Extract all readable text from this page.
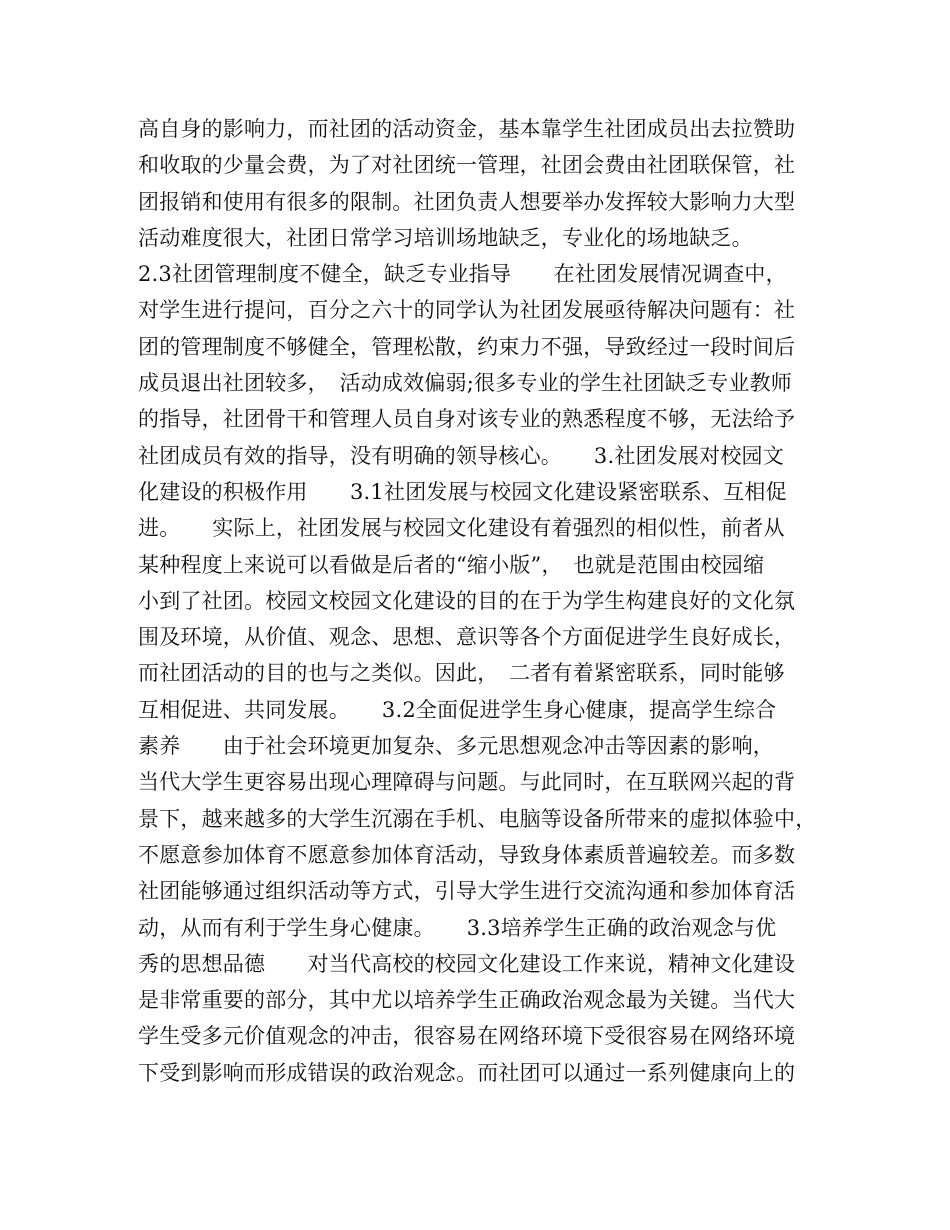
高自身的影响力，而社团的活动资金，基本靠学生社团成员出去拉赞助
和收取的少量会费，为了对社团统一管理，社团会费由社团联保管，社
团报销和使用有很多的限制。社团负责人想要举办发挥较大影响力大型
活动难度很大，社团日常学习培训场地缺乏，专业化的场地缺乏。
2.3社团管理制度不健全，缺乏专业指导　　在社团发展情况调查中，
对学生进行提问，百分之六十的同学认为社团发展亟待解决问题有：社
团的管理制度不够健全，管理松散，约束力不强，导致经过一段时间后
成员退出社团较多，　活动成效偏弱;很多专业的学生社团缺乏专业教师
的指导，社团骨干和管理人员自身对该专业的熟悉程度不够，无法给予
社团成员有效的指导，没有明确的领导核心。　　3.社团发展对校园文
化建设的积极作用　　3.1社团发展与校园文化建设紧密联系、互相促
进。　　实际上，社团发展与校园文化建设有着强烈的相似性，前者从
某种程度上来说可以看做是后者的“缩小版”，　也就是范围由校园缩
小到了社团。校园文校园文化建设的目的在于为学生构建良好的文化氛
围及环境，从价值、观念、思想、意识等各个方面促进学生良好成长，
而社团活动的目的也与之类似。因此，　二者有着紧密联系，同时能够
互相促进、共同发展。　　3.2全面促进学生身心健康，提高学生综合
素养　　由于社会环境更加复杂、多元思想观念冲击等因素的影响，
当代大学生更容易出现心理障碍与问题。与此同时，在互联网兴起的背
景下，越来越多的大学生沉溺在手机、电脑等设备所带来的虚拟体验中，
不愿意参加体育不愿意参加体育活动，导致身体素质普遍较差。而多数
社团能够通过组织活动等方式，引导大学生进行交流沟通和参加体育活
动，从而有利于学生身心健康。　　3.3培养学生正确的政治观念与优
秀的思想品德　　对当代高校的校园文化建设工作来说，精神文化建设
是非常重要的部分，其中尤以培养学生正确政治观念最为关键。当代大
学生受多元价值观念的冲击，很容易在网络环境下受很容易在网络环境
下受到影响而形成错误的政治观念。而社团可以通过一系列健康向上的
